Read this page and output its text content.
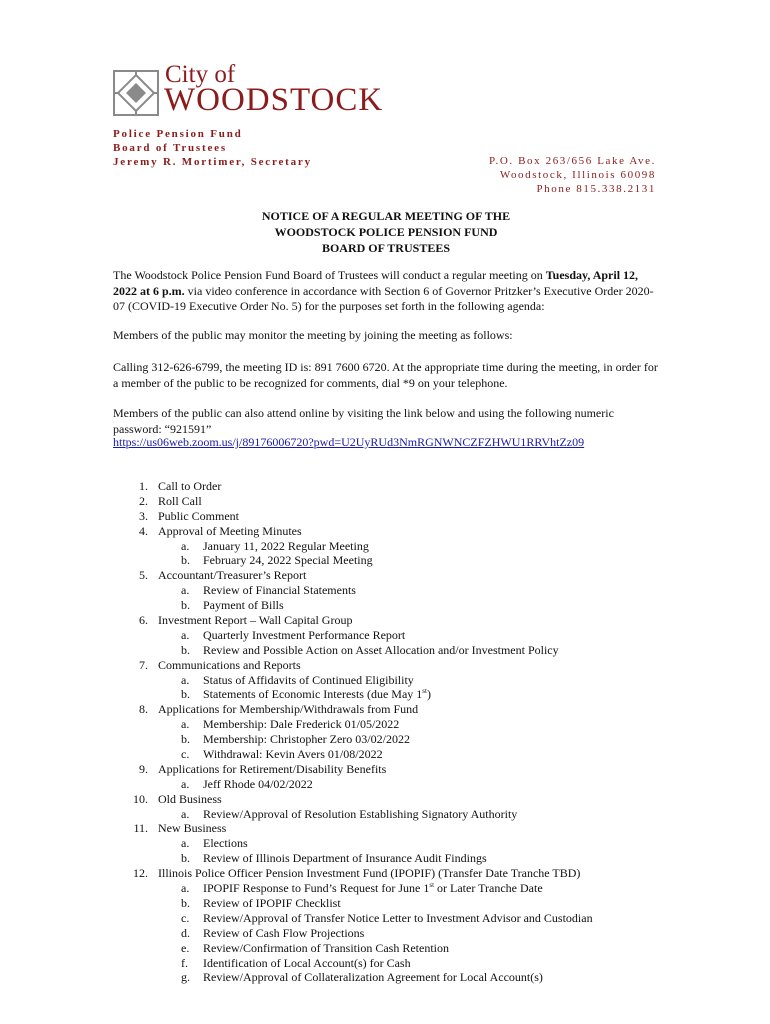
City of
WOODSTOCK
Police Pension Fund
Board of Trustees
Jeremy R. Mortimer, Secretary	P.O. Box 263/656 Lake Ave.
Woodstock, Illinois 60098
Phone 815.338.2131
NOTICE OF A REGULAR MEETING OF THE
WOODSTOCK POLICE PENSION FUND
BOARD OF TRUSTEES
The Woodstock Police Pension Fund Board of Trustees will conduct a regular meeting on Tuesday, April 12, 2022 at 6 p.m. via video conference in accordance with Section 6 of Governor Pritzker’s Executive Order 2020-07 (COVID-19 Executive Order No. 5) for the purposes set forth in the following agenda:
Members of the public may monitor the meeting by joining the meeting as follows:
Calling 312-626-6799, the meeting ID is: 891 7600 6720. At the appropriate time during the meeting, in order for a member of the public to be recognized for comments, dial *9 on your telephone.
Members of the public can also attend online by visiting the link below and using the following numeric password: “921591”
https://us06web.zoom.us/j/89176006720?pwd=U2UyRUd3NmRGNWNCZFZHWU1RRVhtZz09
1. Call to Order
2. Roll Call
3. Public Comment
4. Approval of Meeting Minutes
a. January 11, 2022 Regular Meeting
b. February 24, 2022 Special Meeting
5. Accountant/Treasurer’s Report
a. Review of Financial Statements
b. Payment of Bills
6. Investment Report – Wall Capital Group
a. Quarterly Investment Performance Report
b. Review and Possible Action on Asset Allocation and/or Investment Policy
7. Communications and Reports
a. Status of Affidavits of Continued Eligibility
b. Statements of Economic Interests (due May 1st)
8. Applications for Membership/Withdrawals from Fund
a. Membership: Dale Frederick 01/05/2022
b. Membership: Christopher Zero 03/02/2022
c. Withdrawal: Kevin Avers 01/08/2022
9. Applications for Retirement/Disability Benefits
a. Jeff Rhode 04/02/2022
10. Old Business
a. Review/Approval of Resolution Establishing Signatory Authority
11. New Business
a. Elections
b. Review of Illinois Department of Insurance Audit Findings
12. Illinois Police Officer Pension Investment Fund (IPOPIF) (Transfer Date Tranche TBD)
a. IPOPIF Response to Fund’s Request for June 1st or Later Tranche Date
b. Review of IPOPIF Checklist
c. Review/Approval of Transfer Notice Letter to Investment Advisor and Custodian
d. Review of Cash Flow Projections
e. Review/Confirmation of Transition Cash Retention
f. Identification of Local Account(s) for Cash
g. Review/Approval of Collateralization Agreement for Local Account(s)
